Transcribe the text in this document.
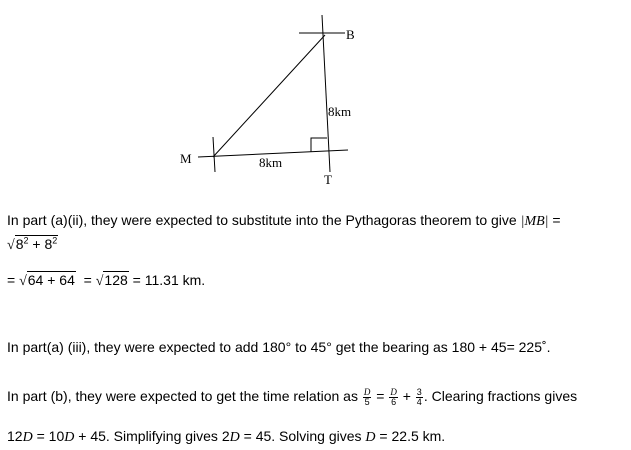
B
M
T
8km
8km
In part (a)(ii), they were expected to substitute into the Pythagoras theorem to give |MB| =
$√8^2 + 8^2$
= √64 + 64  = √128 = 11.31 km.
In part(a) (iii), they were expected to add 180° to 45° get the bearing as 180 + 45= 225˚.
In part (b), they were expected to get the time relation as $\frac{D}{5} = \frac{D}{6} + \frac{3}{4}$ . Clearing fractions gives
12D = 10D + 45. Simplifying gives 2D = 45. Solving gives D = 22.5 km.
